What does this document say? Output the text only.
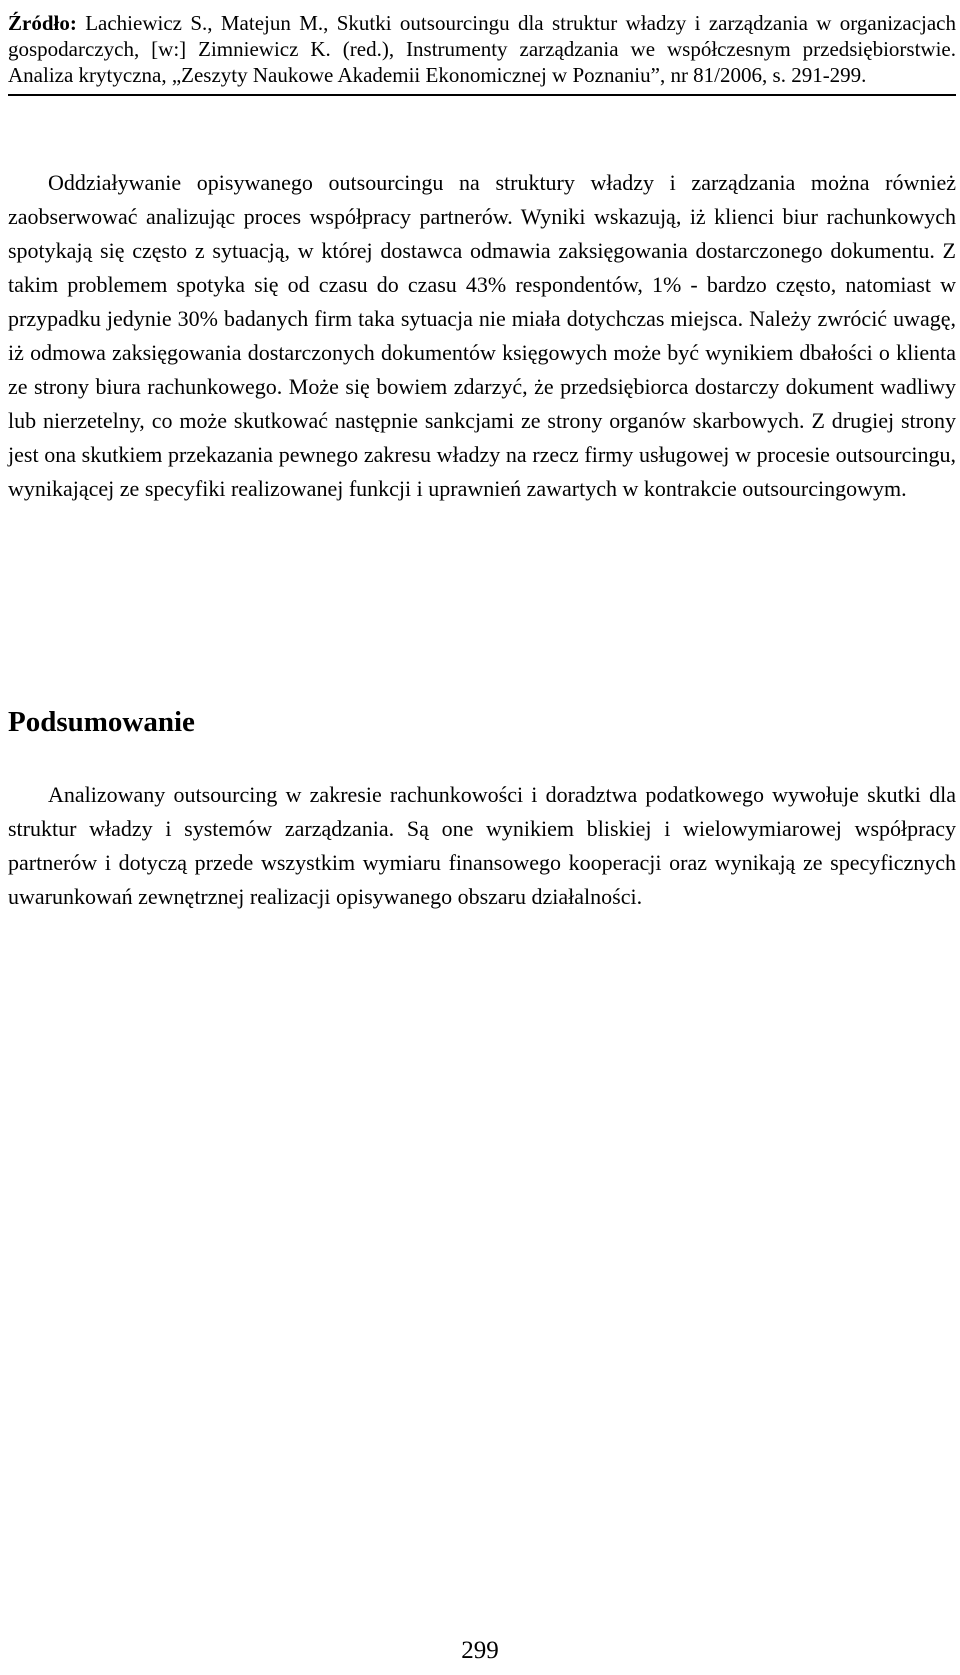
Źródło: Lachiewicz S., Matejun M., Skutki outsourcingu dla struktur władzy i zarządzania w organizacjach gospodarczych, [w:] Zimniewicz K. (red.), Instrumenty zarządzania we współczesnym przedsiębiorstwie. Analiza krytyczna, „Zeszyty Naukowe Akademii Ekonomicznej w Poznaniu”, nr 81/2006, s. 291-299.

Oddziaływanie opisywanego outsourcingu na struktury władzy i zarządzania można również zaobserwować analizując proces współpracy partnerów. Wyniki wskazują, iż klienci biur rachunkowych spotykają się często z sytuacją, w której dostawca odmawia zaksięgowania dostarczonego dokumentu. Z takim problemem spotyka się od czasu do czasu 43% respondentów, 1% - bardzo często, natomiast w przypadku jedynie 30% badanych firm taka sytuacja nie miała dotychczas miejsca. Należy zwrócić uwagę, iż odmowa zaksięgowania dostarczonych dokumentów księgowych może być wynikiem dbałości o klienta ze strony biura rachunkowego. Może się bowiem zdarzyć, że przedsiębiorca dostarczy dokument wadliwy lub nierzetelny, co może skutkować następnie sankcjami ze strony organów skarbowych. Z drugiej strony jest ona skutkiem przekazania pewnego zakresu władzy na rzecz firmy usługowej w procesie outsourcingu, wynikającej ze specyfiki realizowanej funkcji i uprawnień zawartych w kontrakcie outsourcingowym.

Podsumowanie

Analizowany outsourcing w zakresie rachunkowości i doradztwa podatkowego wywołuje skutki dla struktur władzy i systemów zarządzania. Są one wynikiem bliskiej i wielowymiarowej współpracy partnerów i dotyczą przede wszystkim wymiaru finansowego kooperacji oraz wynikają ze specyficznych uwarunkowań zewnętrznej realizacji opisywanego obszaru działalności.

299
